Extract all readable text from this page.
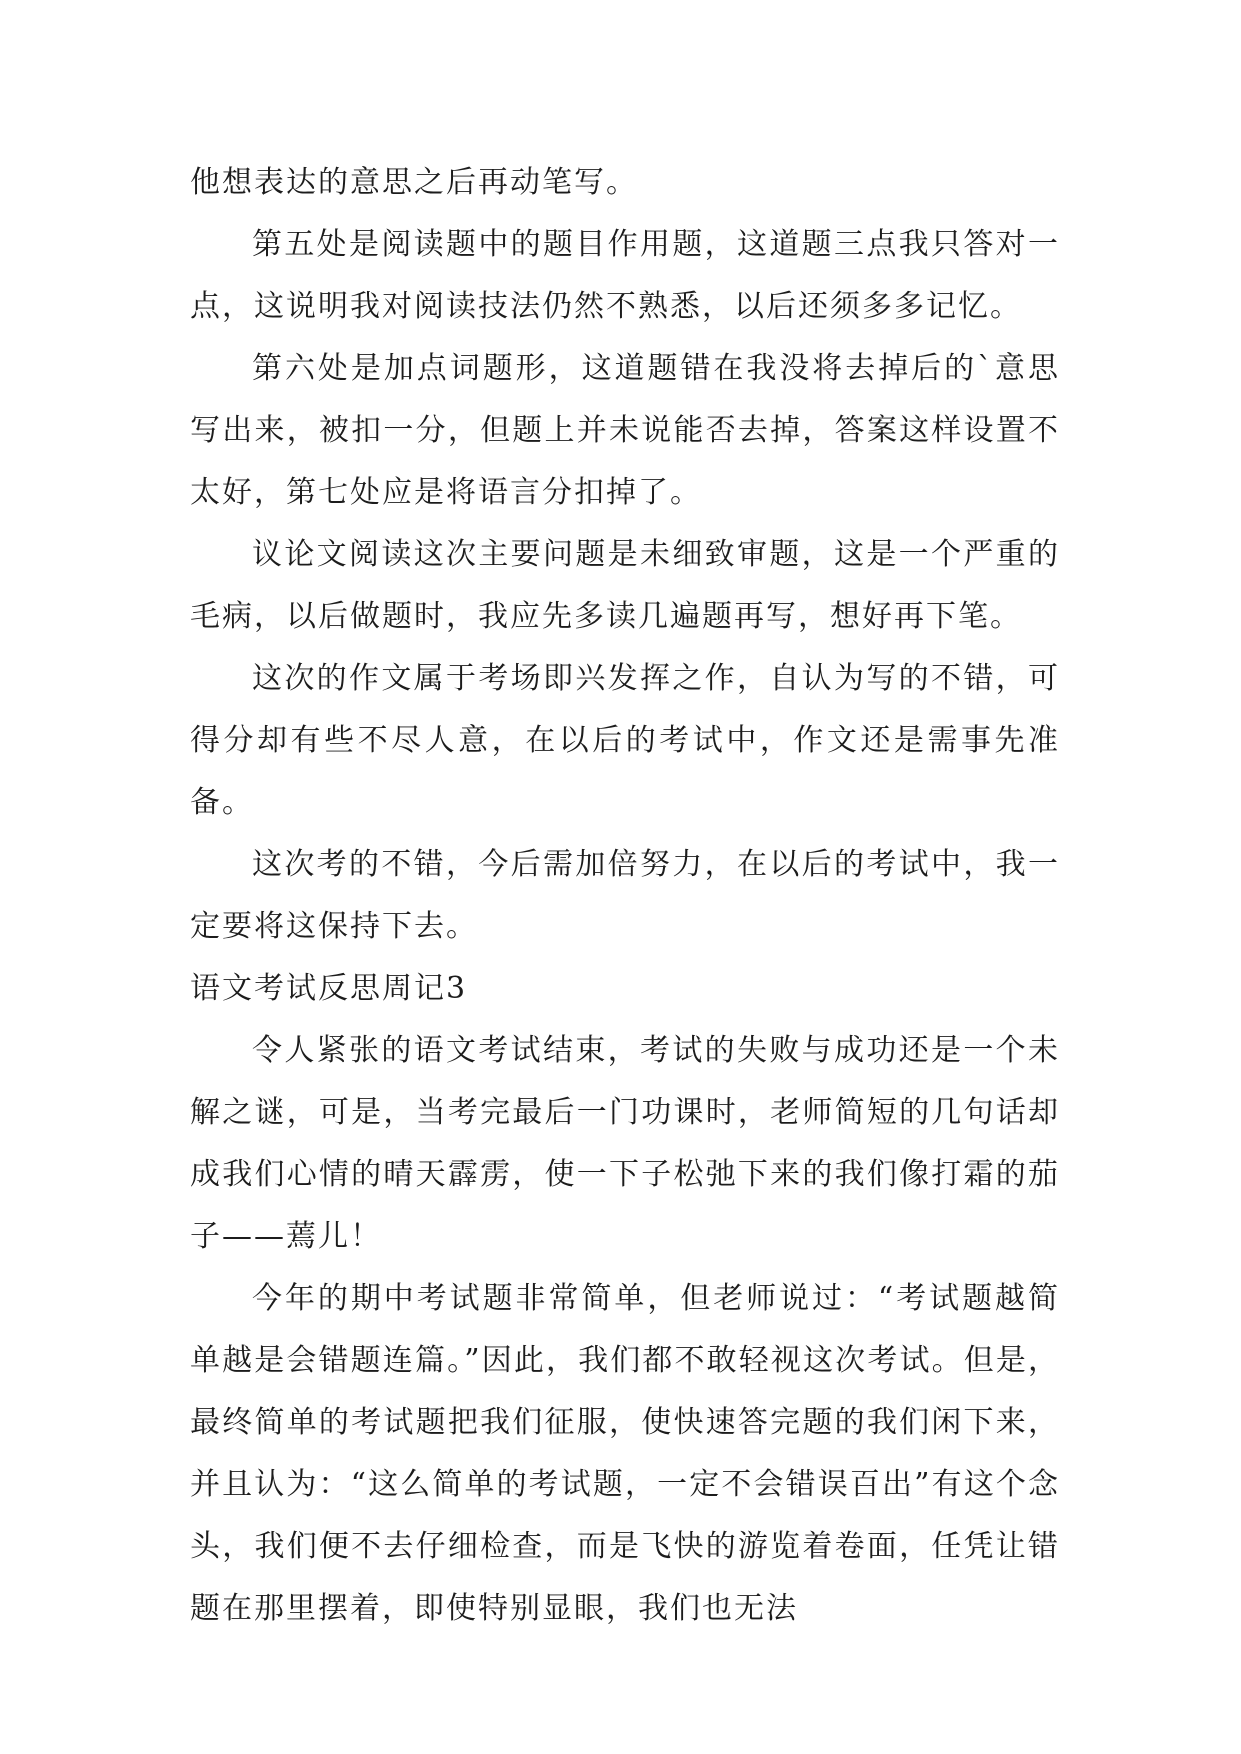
他想表达的意思之后再动笔写。

第五处是阅读题中的题目作用题，这道题三点我只答对一点，这说明我对阅读技法仍然不熟悉，以后还须多多记忆。

第六处是加点词题形，这道题错在我没将去掉后的`意思写出来，被扣一分，但题上并未说能否去掉，答案这样设置不太好，第七处应是将语言分扣掉了。

议论文阅读这次主要问题是未细致审题，这是一个严重的毛病，以后做题时，我应先多读几遍题再写，想好再下笔。

这次的作文属于考场即兴发挥之作，自认为写的不错，可得分却有些不尽人意，在以后的考试中，作文还是需事先准备。

这次考的不错，今后需加倍努力，在以后的考试中，我一定要将这保持下去。

语文考试反思周记3

令人紧张的语文考试结束，考试的失败与成功还是一个未解之谜，可是，当考完最后一门功课时，老师简短的几句话却成我们心情的晴天霹雳，使一下子松弛下来的我们像打霜的茄子——蔫儿！

今年的期中考试题非常简单，但老师说过：“考试题越简单越是会错题连篇。”因此，我们都不敢轻视这次考试。但是，最终简单的考试题把我们征服，使快速答完题的我们闲下来，并且认为：“这么简单的考试题，一定不会错误百出”有这个念头，我们便不去仔细检查，而是飞快的游览着卷面，任凭让错题在那里摆着，即使特别显眼，我们也无法
